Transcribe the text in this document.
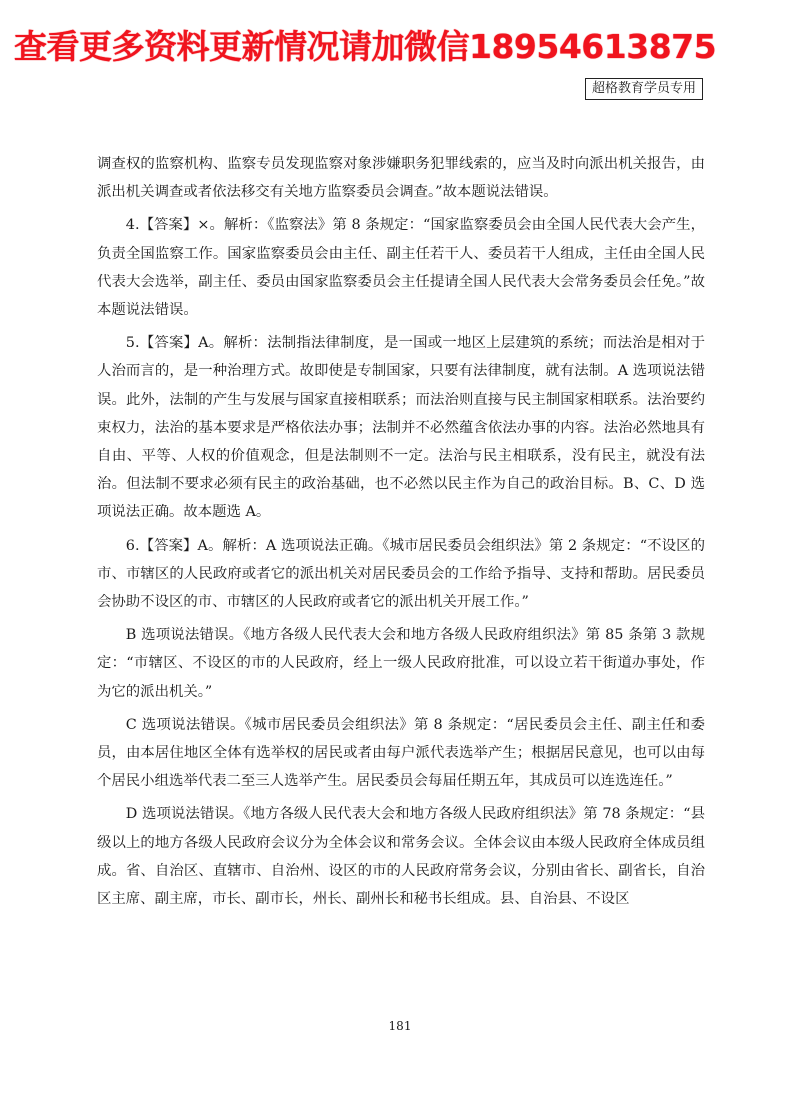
查看更多资料更新情况请加微信18954613875
超格教育学员专用

调查权的监察机构、监察专员发现监察对象涉嫌职务犯罪线索的，应当及时向派出机关报告，由派出机关调查或者依法移交有关地方监察委员会调查。”故本题说法错误。

4.【答案】×。解析：《监察法》第 8 条规定：“国家监察委员会由全国人民代表大会产生，负责全国监察工作。国家监察委员会由主任、副主任若干人、委员若干人组成，主任由全国人民代表大会选举，副主任、委员由国家监察委员会主任提请全国人民代表大会常务委员会任免。”故本题说法错误。

5.【答案】A。解析：法制指法律制度，是一国或一地区上层建筑的系统；而法治是相对于人治而言的，是一种治理方式。故即使是专制国家，只要有法律制度，就有法制。A 选项说法错误。此外，法制的产生与发展与国家直接相联系；而法治则直接与民主制国家相联系。法治要约束权力，法治的基本要求是严格依法办事；法制并不必然蕴含依法办事的内容。法治必然地具有自由、平等、人权的价值观念，但是法制则不一定。法治与民主相联系，没有民主，就没有法治。但法制不要求必须有民主的政治基础，也不必然以民主作为自己的政治目标。B、C、D 选项说法正确。故本题选 A。

6.【答案】A。解析：A 选项说法正确。《城市居民委员会组织法》第 2 条规定：“不设区的市、市辖区的人民政府或者它的派出机关对居民委员会的工作给予指导、支持和帮助。居民委员会协助不设区的市、市辖区的人民政府或者它的派出机关开展工作。”

B 选项说法错误。《地方各级人民代表大会和地方各级人民政府组织法》第 85 条第 3 款规定：“市辖区、不设区的市的人民政府，经上一级人民政府批准，可以设立若干街道办事处，作为它的派出机关。”

C 选项说法错误。《城市居民委员会组织法》第 8 条规定：“居民委员会主任、副主任和委员，由本居住地区全体有选举权的居民或者由每户派代表选举产生；根据居民意见，也可以由每个居民小组选举代表二至三人选举产生。居民委员会每届任期五年，其成员可以连选连任。”

D 选项说法错误。《地方各级人民代表大会和地方各级人民政府组织法》第 78 条规定：“县级以上的地方各级人民政府会议分为全体会议和常务会议。全体会议由本级人民政府全体成员组成。省、自治区、直辖市、自治州、设区的市的人民政府常务会议，分别由省长、副省长，自治区主席、副主席，市长、副市长，州长、副州长和秘书长组成。县、自治县、不设区

181
